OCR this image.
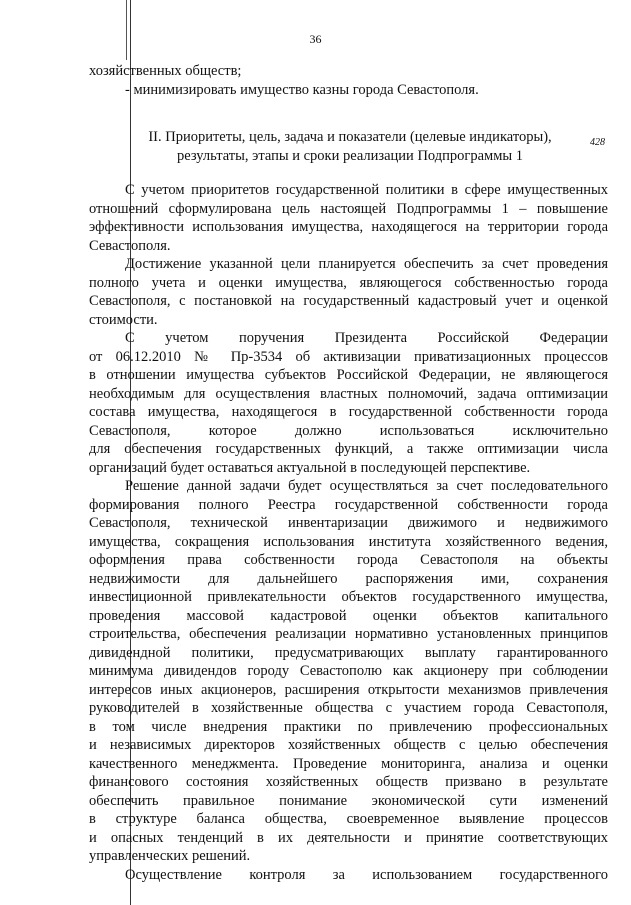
36
428
хозяйственных обществ;
- минимизировать имущество казны города Севастополя.
II. Приоритеты, цель, задача и показатели (целевые индикаторы),
результаты, этапы и сроки реализации Подпрограммы 1
С учетом приоритетов государственной политики в сфере имущественных
отношений сформулирована цель настоящей Подпрограммы 1 – повышение
эффективности использования имущества, находящегося на территории города
Севастополя.
Достижение указанной цели планируется обеспечить за счет проведения
полного учета и оценки имущества, являющегося собственностью города
Севастополя, с постановкой на государственный кадастровый учет и оценкой
стоимости.
С учетом поручения Президента Российской Федерации
от 06.12.2010 № Пр-3534 об активизации приватизационных процессов
в отношении имущества субъектов Российской Федерации, не являющегося
необходимым для осуществления властных полномочий, задача оптимизации
состава имущества, находящегося в государственной собственности города
Севастополя, которое должно использоваться исключительно
для обеспечения государственных функций, а также оптимизации числа
организаций будет оставаться актуальной в последующей перспективе.
Решение данной задачи будет осуществляться за счет последовательного
формирования полного Реестра государственной собственности города
Севастополя, технической инвентаризации движимого и недвижимого
имущества, сокращения использования института хозяйственного ведения,
оформления права собственности города Севастополя на объекты
недвижимости для дальнейшего распоряжения ими, сохранения
инвестиционной привлекательности объектов государственного имущества,
проведения массовой кадастровой оценки объектов капитального
строительства, обеспечения реализации нормативно установленных принципов
дивидендной политики, предусматривающих выплату гарантированного
минимума дивидендов городу Севастополю как акционеру при соблюдении
интересов иных акционеров, расширения открытости механизмов привлечения
руководителей в хозяйственные общества с участием города Севастополя,
в том числе внедрения практики по привлечению профессиональных
и независимых директоров хозяйственных обществ с целью обеспечения
качественного менеджмента. Проведение мониторинга, анализа и оценки
финансового состояния хозяйственных обществ призвано в результате
обеспечить правильное понимание экономической сути изменений
в структуре баланса общества, своевременное выявление процессов
и опасных тенденций в их деятельности и принятие соответствующих
управленческих решений.
Осуществление контроля за использованием государственного
